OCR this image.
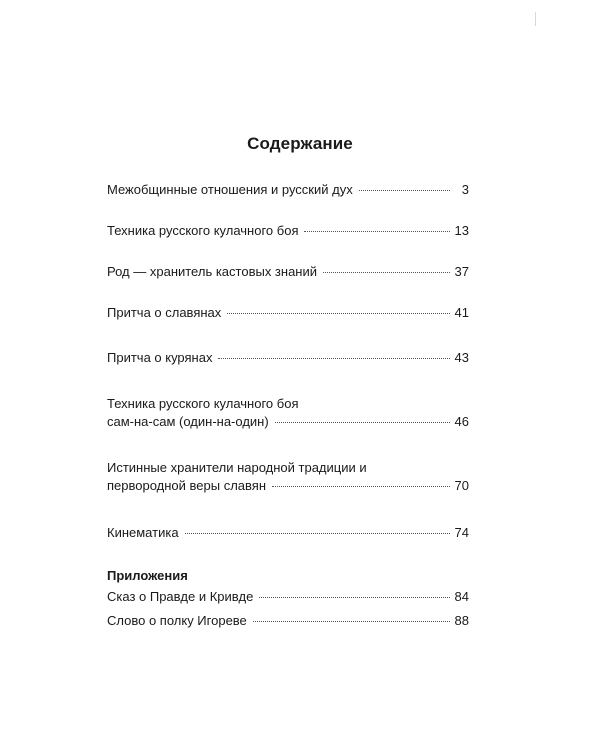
Содержание
Межобщинные отношения и русский дух	3
Техника русского кулачного боя	13
Род — хранитель кастовых знаний	37
Притча о славянах	41
Притча о курянах	43
Техника русского кулачного боя
сам-на-сам (один-на-один)	46
Истинные хранители народной традиции и
первородной веры славян	70
Кинематика	74
Приложения
Сказ о Правде и Кривде	84
Слово о полку Игореве	88
